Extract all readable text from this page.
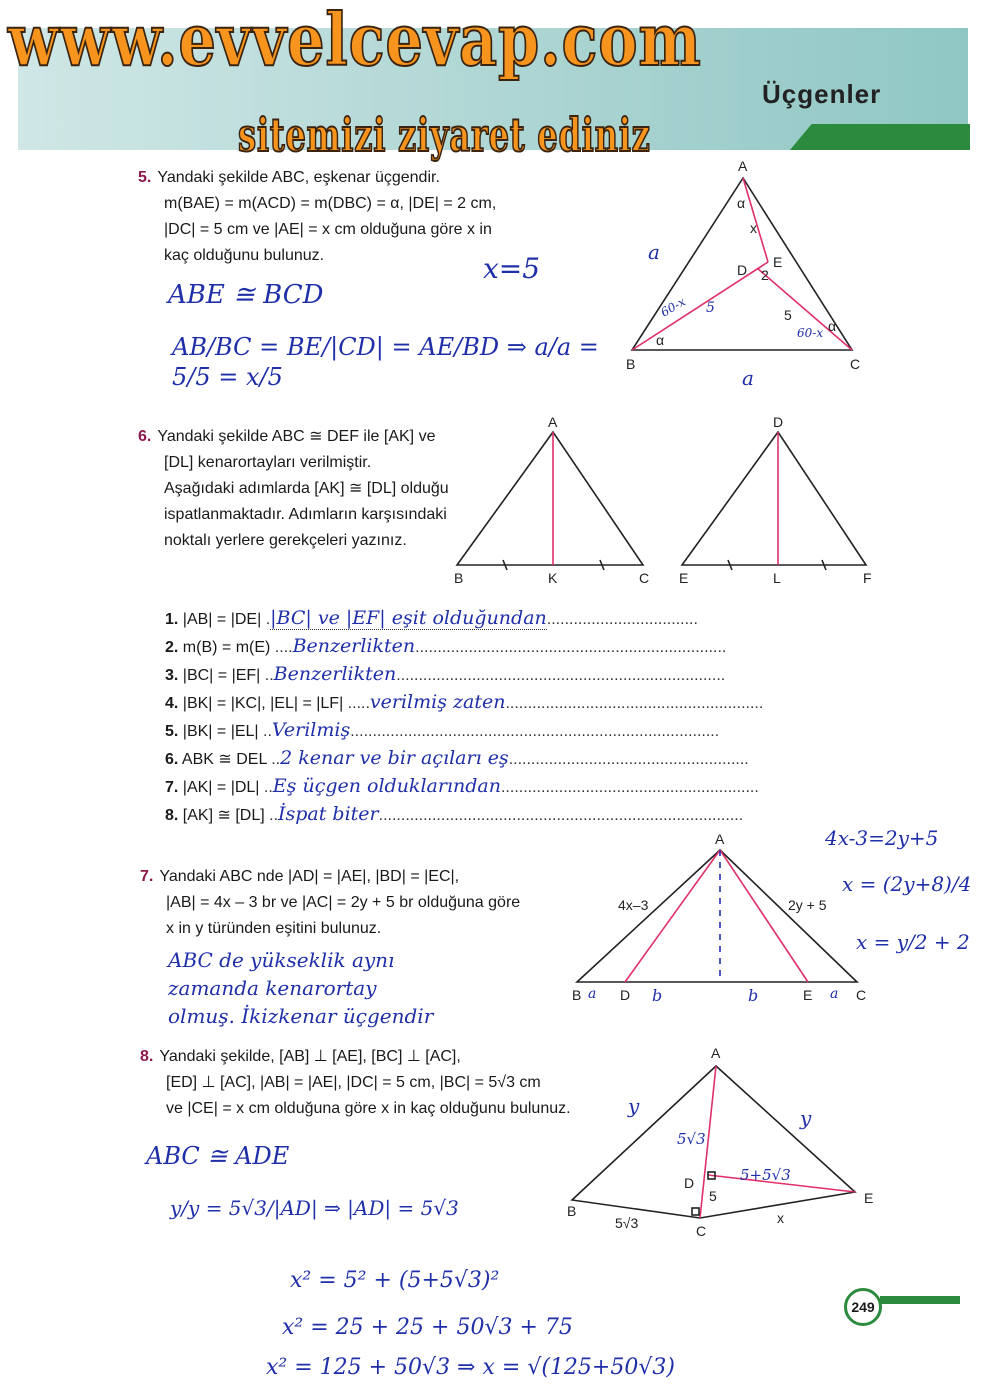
www.evvelcevap.com
Üçgenler
sitemizi ziyaret ediniz
5. Yandaki şekilde ABC, eşkenar üçgendir.
m(BAE) = m(ACD) = m(DBC) = α, |DE| = 2 cm,
|DC| = 5 cm ve |AE| = x cm olduğuna göre x in
kaç olduğunu bulunuz.
A
B	C
D E
α
α
α
x
2
5
x=5
ABE ≅ BCD
AB/BC = BE/|CD| = AE/BD ⇒ a/a = 5/5 = x/5
a
a
60-x
60-x
5
6. Yandaki şekilde ABC ≅ DEF ile [AK] ve
[DL] kenarortayları verilmiştir.
Aşağıdaki adımlarda [AK] ≅ [DL] olduğu
ispatlanmaktadır. Adımların karşısındaki
noktalı yerlere gerekçeleri yazınız.
A
B	K	C
D
E	L	F
1. |AB| = |DE| .|BC| ve |EF| eşit olduğundan..................................
2. m(B) = m(E) ....Benzerlikten......................................................................
3. |BC| = |EF| ..Benzerlikten..........................................................................
4. |BK| = |KC|, |EL| = |LF| .....verilmiş zaten..........................................................
5. |BK| = |EL| ..Verilmiş...................................................................................
6. ABK ≅ DEL ..2 kenar ve bir açıları eş......................................................
7. |AK| = |DL| ..Eş üçgen olduklarından..........................................................
8. [AK] ≅ [DL] ..İspat biter..................................................................................
7. Yandaki ABC nde |AD| = |AE|, |BD| = |EC|,
|AB| = 4x – 3 br ve |AC| = 2y + 5 br olduğuna göre
x in y türünden eşitini bulunuz.
A
B	D	E	C
4x–3	2y + 5
4x-3=2y+5
x = (2y+8)/4
x = y/2 + 2
ABC de yükseklik aynı
zamanda kenarortay
olmuş. İkizkenar üçgendir
b	b
a	a
8. Yandaki şekilde, [AB] ⊥ [AE], [BC] ⊥ [AC],
[ED] ⊥ [AC], |AB| = |AE|, |DC| = 5 cm, |BC| = 5√3 cm
ve |CE| = x cm olduğuna göre x in kaç olduğunu bulunuz.
A
B
C
D
E
5
5√3	x
y	y
5√3
5+5√3
ABC ≅ ADE
y/y = 5√3/|AD| ⇒ |AD| = 5√3
x² = 5² + (5+5√3)²
x² = 25 + 25 + 50√3 + 75
x² = 125 + 50√3 ⇒ x = √(125+50√3)
249
